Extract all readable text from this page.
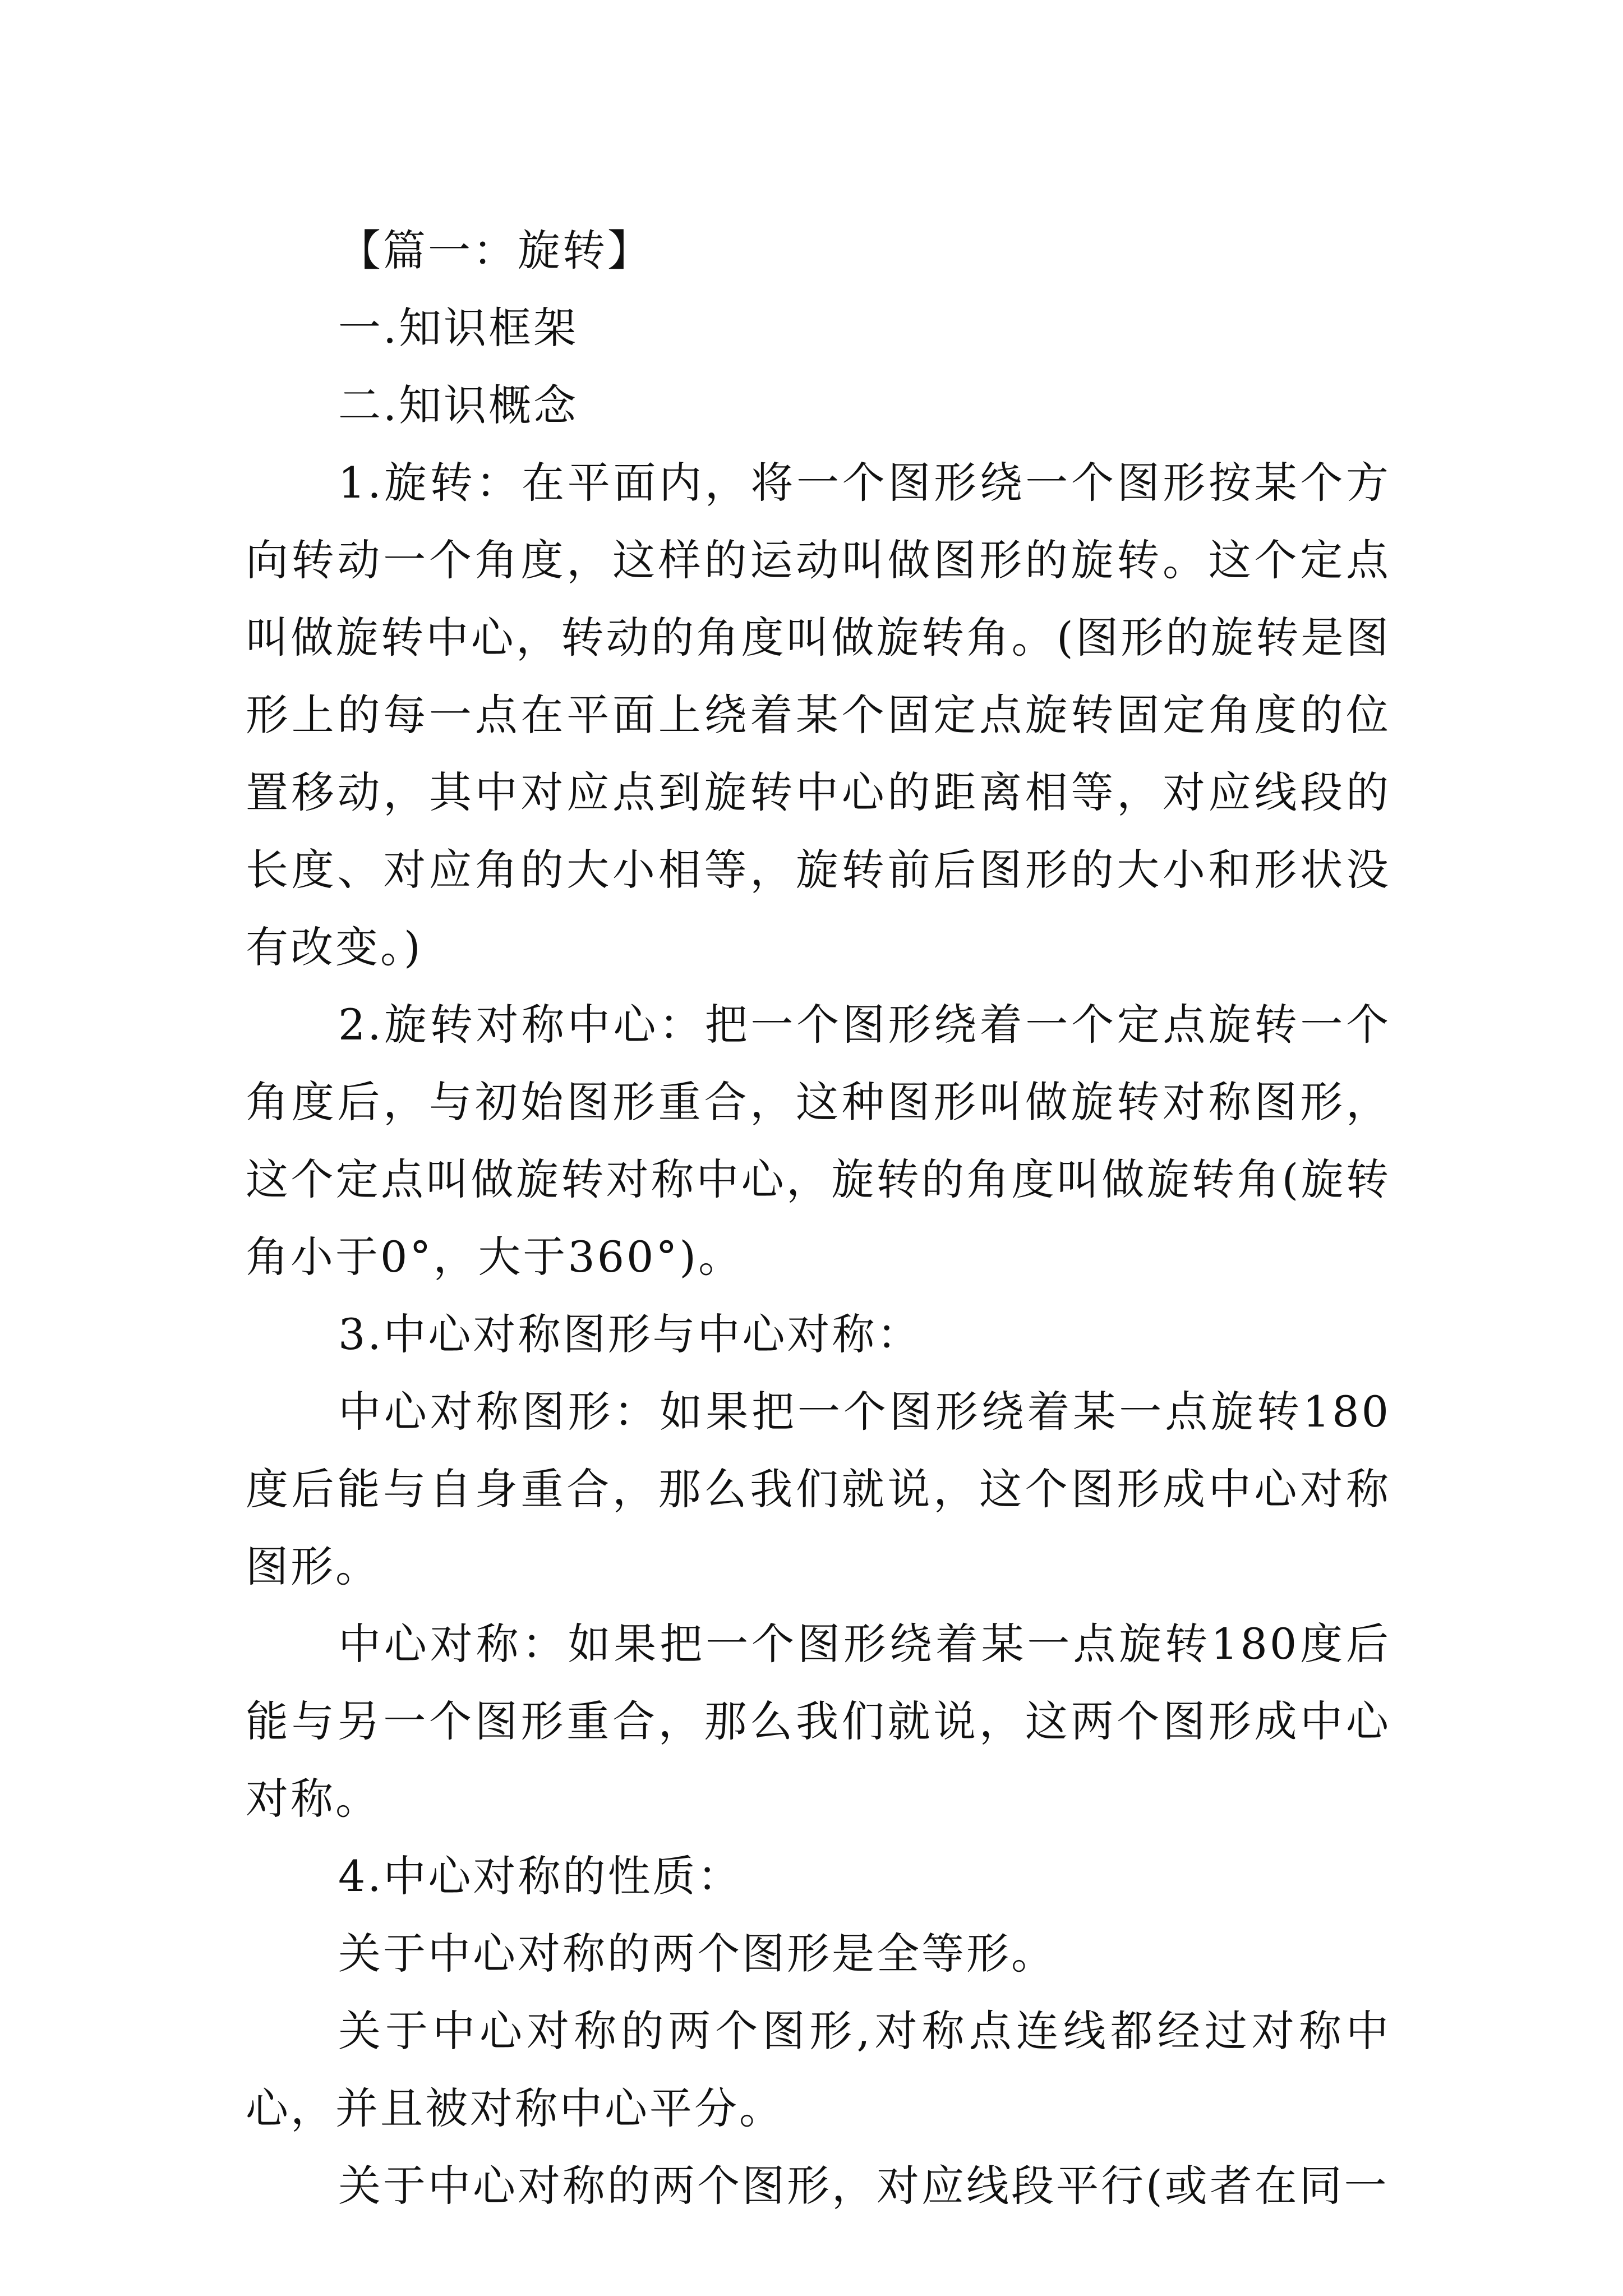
【篇一：旋转】

一.知识框架

二.知识概念

1.旋转：在平面内，将一个图形绕一个图形按某个方向转动一个角度，这样的运动叫做图形的旋转。这个定点叫做旋转中心，转动的角度叫做旋转角。(图形的旋转是图形上的每一点在平面上绕着某个固定点旋转固定角度的位置移动，其中对应点到旋转中心的距离相等，对应线段的长度、对应角的大小相等，旋转前后图形的大小和形状没有改变。)

2.旋转对称中心：把一个图形绕着一个定点旋转一个角度后，与初始图形重合，这种图形叫做旋转对称图形，这个定点叫做旋转对称中心，旋转的角度叫做旋转角(旋转角小于0°，大于360°)。

3.中心对称图形与中心对称：

中心对称图形：如果把一个图形绕着某一点旋转180度后能与自身重合，那么我们就说，这个图形成中心对称图形。

中心对称：如果把一个图形绕着某一点旋转180度后能与另一个图形重合，那么我们就说，这两个图形成中心对称。

4.中心对称的性质：

关于中心对称的两个图形是全等形。

关于中心对称的两个图形,对称点连线都经过对称中心，并且被对称中心平分。

关于中心对称的两个图形，对应线段平行(或者在同一
